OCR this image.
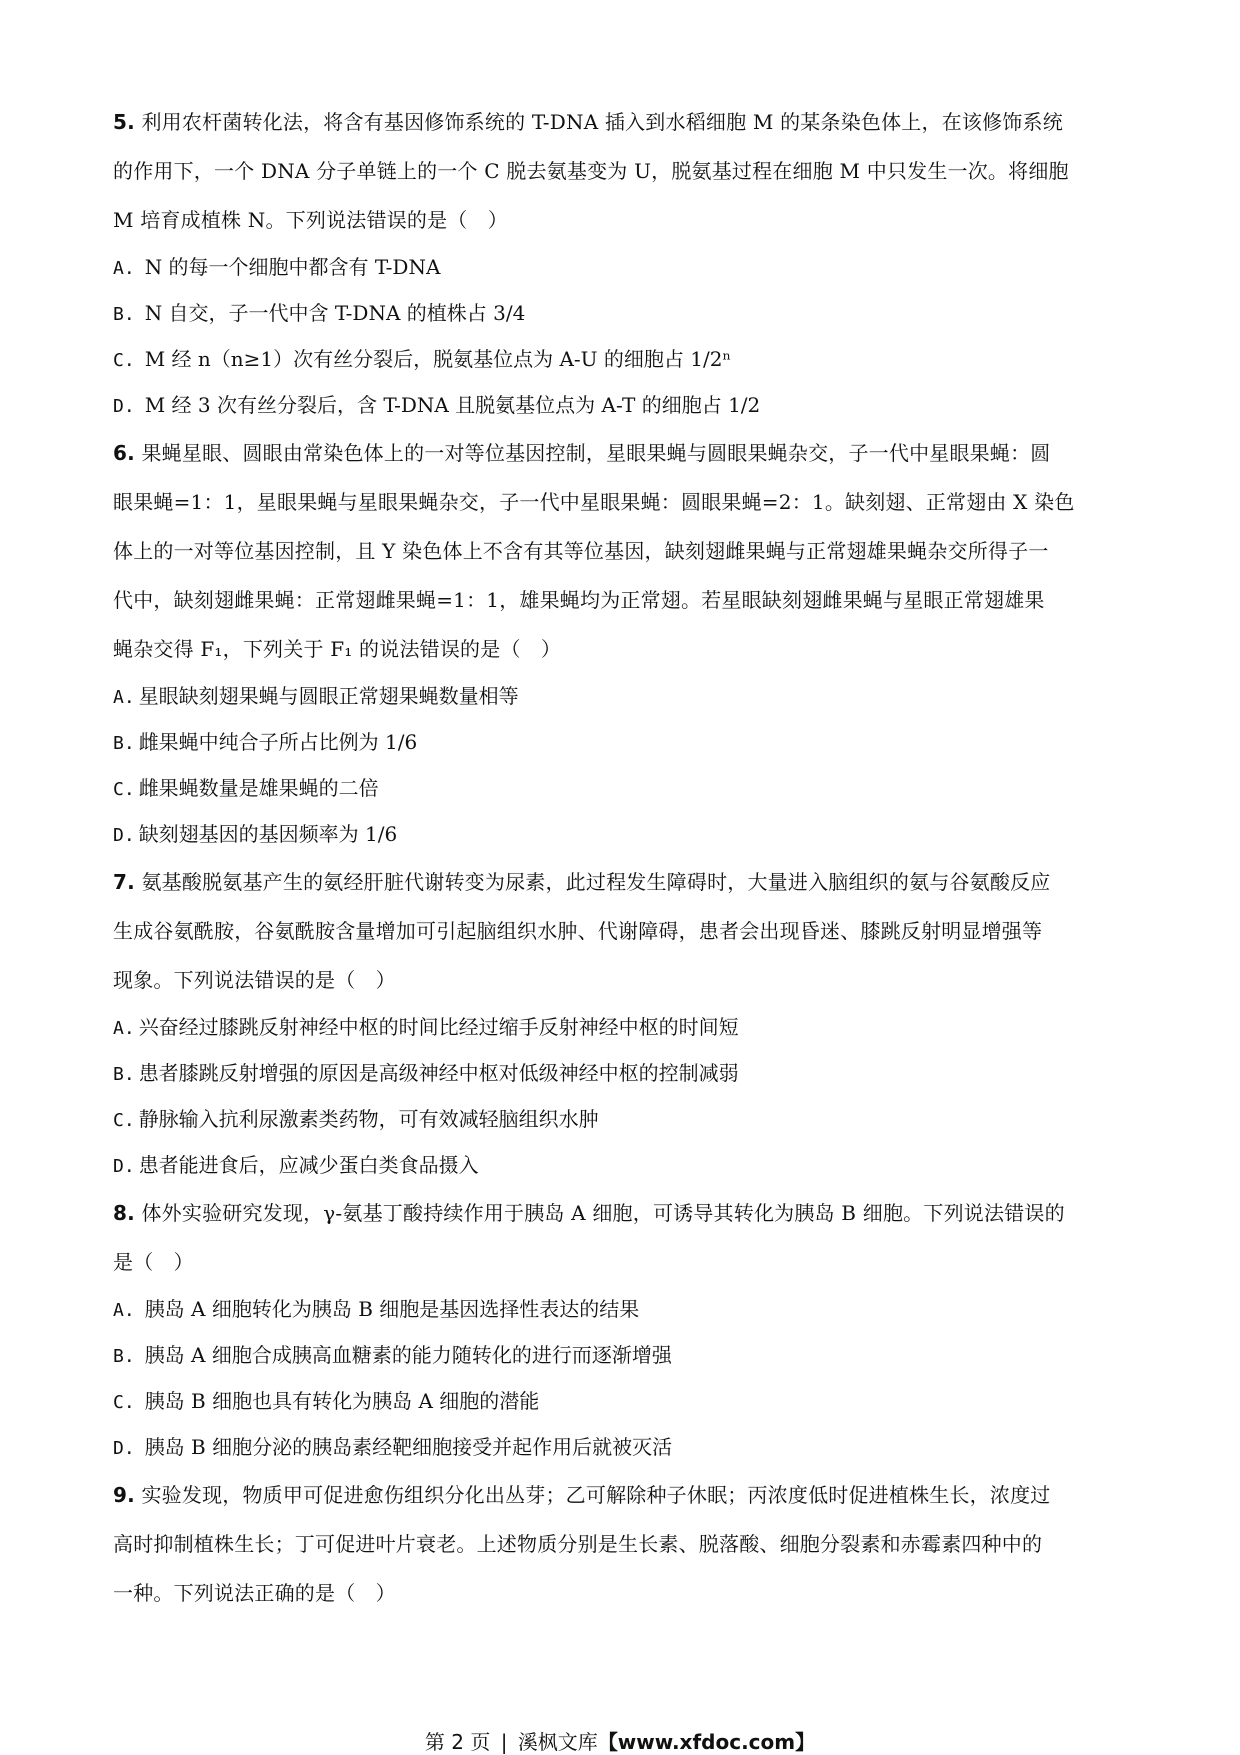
5. 利用农杆菌转化法，将含有基因修饰系统的 T-DNA 插入到水稻细胞 M 的某条染色体上，在该修饰系统
的作用下，一个 DNA 分子单链上的一个 C 脱去氨基变为 U，脱氨基过程在细胞 M 中只发生一次。将细胞
M 培育成植株 N。下列说法错误的是（　）

A. N 的每一个细胞中都含有 T-DNA

B. N 自交，子一代中含 T-DNA 的植株占 3/4

C. M 经 n（n≥1）次有丝分裂后，脱氨基位点为 A-U 的细胞占 1/2ⁿ

D. M 经 3 次有丝分裂后，含 T-DNA 且脱氨基位点为 A-T 的细胞占 1/2

6. 果蝇星眼、圆眼由常染色体上的一对等位基因控制，星眼果蝇与圆眼果蝇杂交，子一代中星眼果蝇：圆
眼果蝇=1：1，星眼果蝇与星眼果蝇杂交，子一代中星眼果蝇：圆眼果蝇=2：1。缺刻翅、正常翅由 X 染色
体上的一对等位基因控制，且 Y 染色体上不含有其等位基因，缺刻翅雌果蝇与正常翅雄果蝇杂交所得子一
代中，缺刻翅雌果蝇：正常翅雌果蝇=1：1，雄果蝇均为正常翅。若星眼缺刻翅雌果蝇与星眼正常翅雄果
蝇杂交得 F₁，下列关于 F₁ 的说法错误的是（　）

A. 星眼缺刻翅果蝇与圆眼正常翅果蝇数量相等

B. 雌果蝇中纯合子所占比例为 1/6

C. 雌果蝇数量是雄果蝇的二倍

D. 缺刻翅基因的基因频率为 1/6

7. 氨基酸脱氨基产生的氨经肝脏代谢转变为尿素，此过程发生障碍时，大量进入脑组织的氨与谷氨酸反应
生成谷氨酰胺，谷氨酰胺含量增加可引起脑组织水肿、代谢障碍，患者会出现昏迷、膝跳反射明显增强等
现象。下列说法错误的是（　）

A. 兴奋经过膝跳反射神经中枢的时间比经过缩手反射神经中枢的时间短

B. 患者膝跳反射增强的原因是高级神经中枢对低级神经中枢的控制减弱

C. 静脉输入抗利尿激素类药物，可有效减轻脑组织水肿

D. 患者能进食后，应减少蛋白类食品摄入

8. 体外实验研究发现，γ-氨基丁酸持续作用于胰岛 A 细胞，可诱导其转化为胰岛 B 细胞。下列说法错误的
是（　）

A. 胰岛 A 细胞转化为胰岛 B 细胞是基因选择性表达的结果

B. 胰岛 A 细胞合成胰高血糖素的能力随转化的进行而逐渐增强

C. 胰岛 B 细胞也具有转化为胰岛 A 细胞的潜能

D. 胰岛 B 细胞分泌的胰岛素经靶细胞接受并起作用后就被灭活

9. 实验发现，物质甲可促进愈伤组织分化出丛芽；乙可解除种子休眠；丙浓度低时促进植株生长，浓度过
高时抑制植株生长；丁可促进叶片衰老。上述物质分别是生长素、脱落酸、细胞分裂素和赤霉素四种中的
一种。下列说法正确的是（　）

第 2 页 | 溪枫文库【www.xfdoc.com】
